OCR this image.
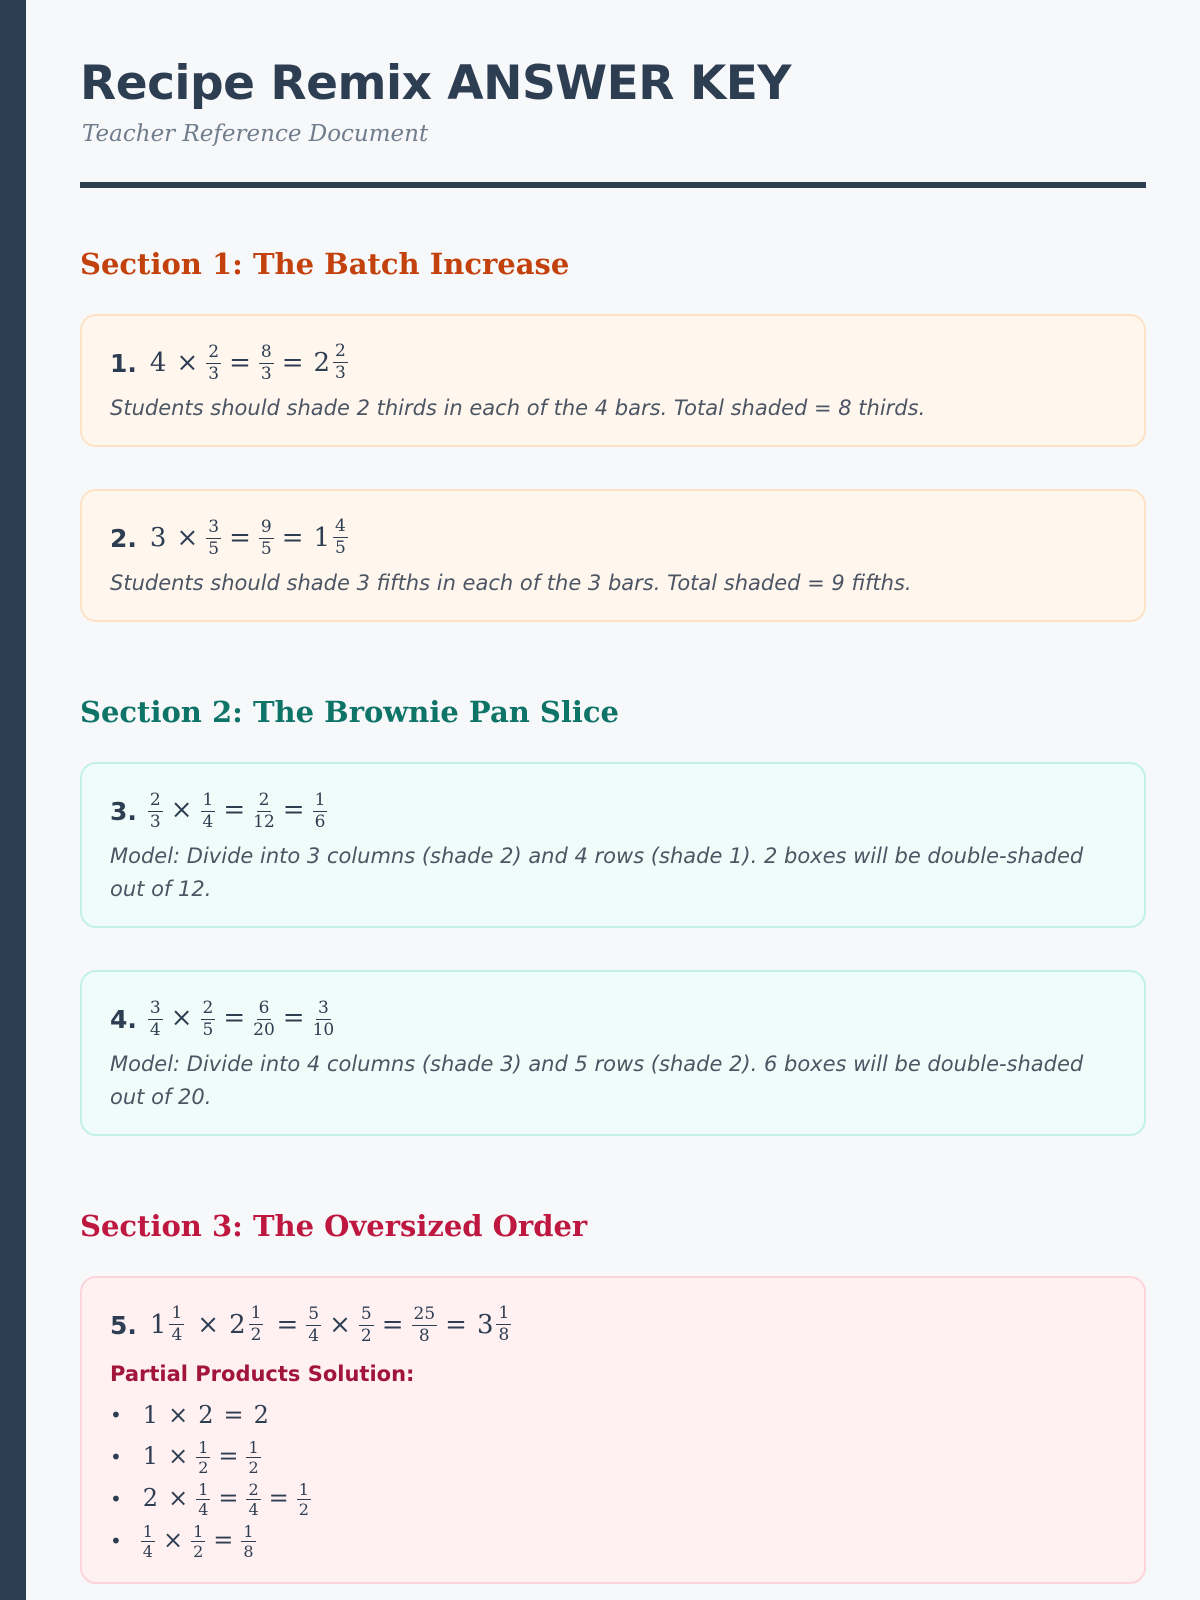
Recipe Remix ANSWER KEY
Teacher Reference Document
Section 1: The Batch Increase
1. $4 \times \frac{2}{3} = \frac{8}{3} = 2 \frac{2}{3}$
Students should shade 2 thirds in each of the 4 bars. Total shaded = 8 thirds.
2. $3 \times \frac{3}{5} = \frac{9}{5} = 1 \frac{4}{5}$
Students should shade 3 fifths in each of the 3 bars. Total shaded = 9 fifths.
Section 2: The Brownie Pan Slice
3. $\frac{2}{3} \times \frac{1}{4} = \frac{2}{12} = \frac{1}{6}$
Model: Divide into 3 columns (shade 2) and 4 rows (shade 1). 2 boxes will be double-shaded out of 12.
4. $\frac{3}{4} \times \frac{2}{5} = \frac{6}{20} = \frac{3}{10}$
Model: Divide into 4 columns (shade 3) and 5 rows (shade 2). 6 boxes will be double-shaded out of 20.
Section 3: The Oversized Order
5. $1 \frac{1}{4} \times 2 \frac{1}{2} = \frac{5}{4} \times \frac{5}{2} = \frac{25}{8} = 3 \frac{1}{8}$
Partial Products Solution:
• 1 × 2 = 2
• $1 \times \frac{1}{2} = \frac{1}{2}$
• $2 \times \frac{1}{4} = \frac{2}{4} = \frac{1}{2}$
• $\frac{1}{4} \times \frac{1}{2} = \frac{1}{8}$
